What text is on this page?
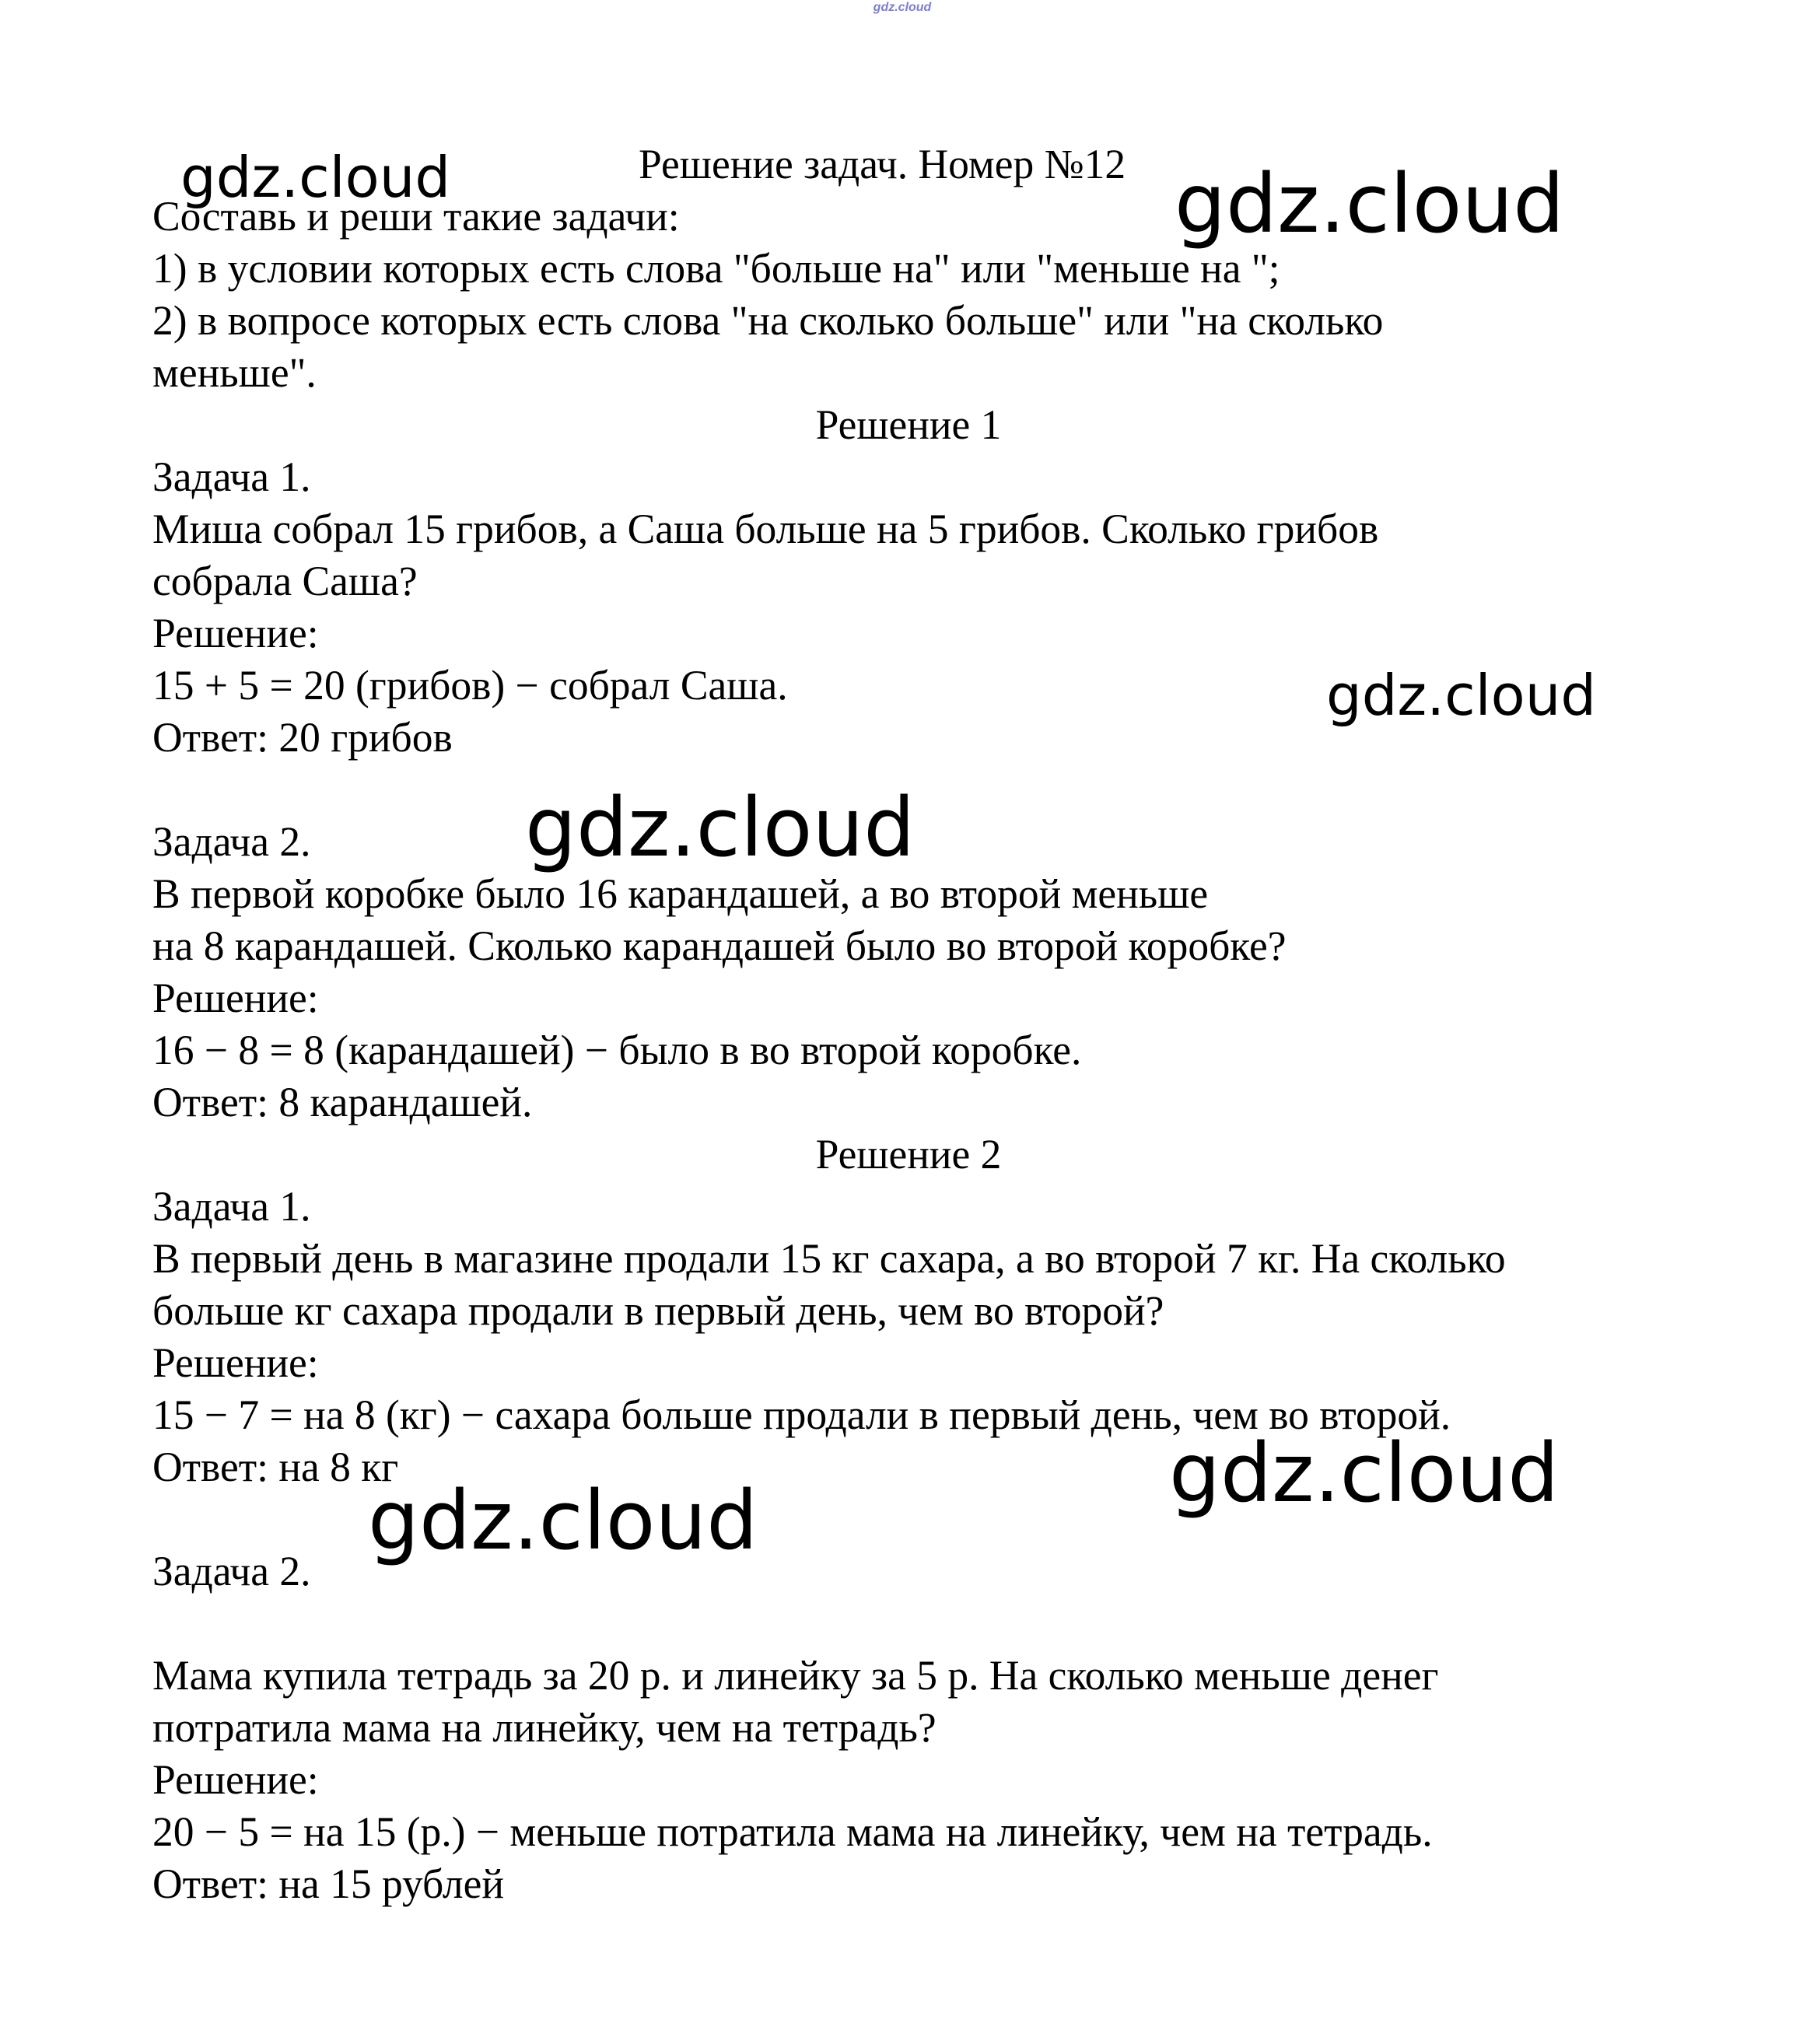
gdz.cloud
Решение задач. Номер №12
Составь и реши такие задачи:
1) в условии которых есть слова "больше на" или "меньше на ";
2) в вопросе которых есть слова "на сколько больше" или "на сколько
меньше".
Решение 1
Задача 1.
Миша собрал 15 грибов, а Саша больше на 5 грибов. Сколько грибов
собрала Саша?
Решение:
15 + 5 = 20 (грибов) − собрал Саша.
Ответ: 20 грибов
Задача 2.
В первой коробке было 16 карандашей, а во второй меньше
на 8 карандашей. Сколько карандашей было во второй коробке?
Решение:
16 − 8 = 8 (карандашей) − было в во второй коробке.
Ответ: 8 карандашей.
Решение 2
Задача 1.
В первый день в магазине продали 15 кг сахара, а во второй 7 кг. На сколько
больше кг сахара продали в первый день, чем во второй?
Решение:
15 − 7 = на 8 (кг) − сахара больше продали в первый день, чем во второй.
Ответ: на 8 кг
Задача 2.
Мама купила тетрадь за 20 р. и линейку за 5 р. На сколько меньше денег
потратила мама на линейку, чем на тетрадь?
Решение:
20 − 5 = на 15 (р.) − меньше потратила мама на линейку, чем на тетрадь.
Ответ: на 15 рублей
gdz.cloud	gdz.cloud
gdz.cloud
gdz.cloud
gdz.cloud
gdz.cloud
